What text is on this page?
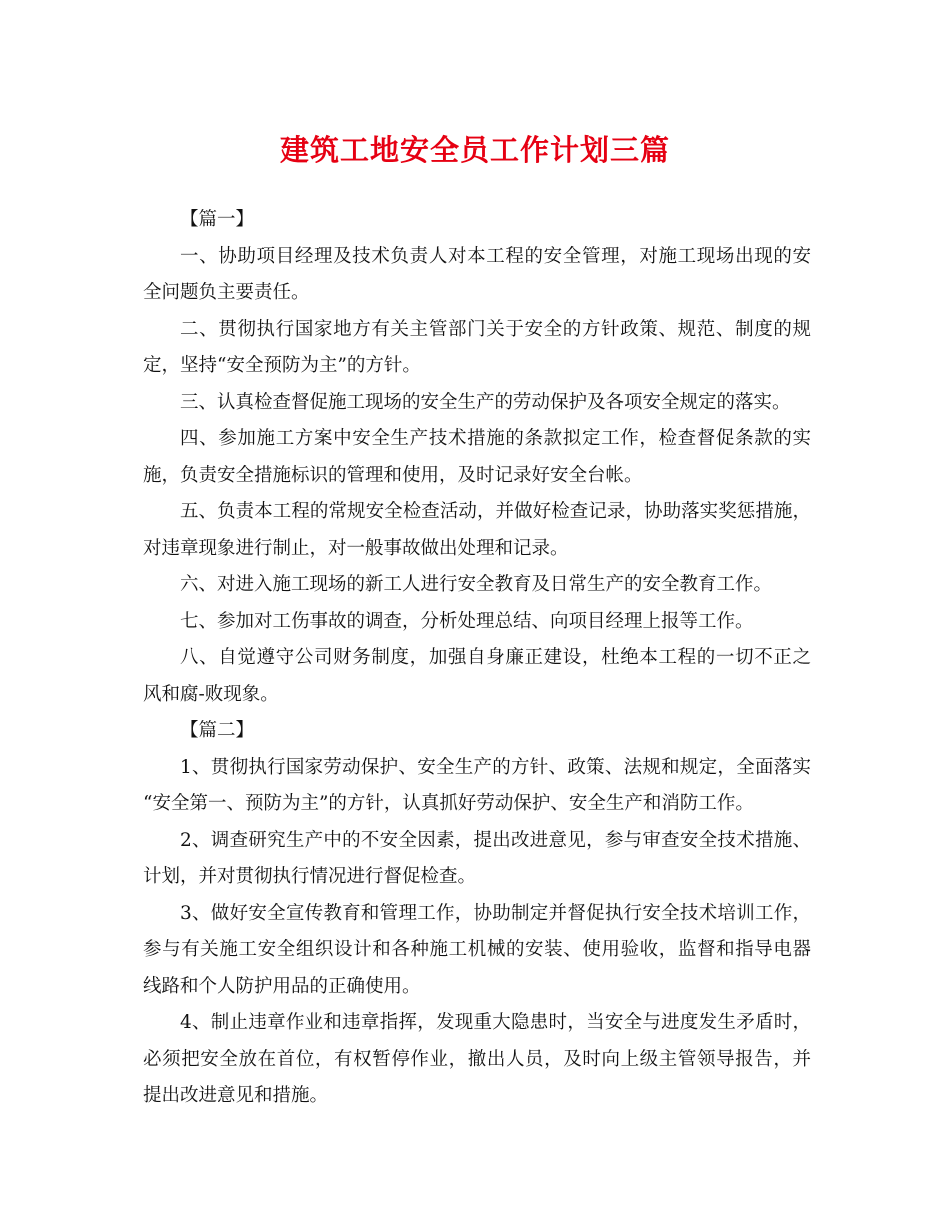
建筑工地安全员工作计划三篇
【篇一】
一、协助项目经理及技术负责人对本工程的安全管理，对施工现场出现的安
全问题负主要责任。
二、贯彻执行国家地方有关主管部门关于安全的方针政策、规范、制度的规
定，坚持“安全预防为主”的方针。
三、认真检查督促施工现场的安全生产的劳动保护及各项安全规定的落实。
四、参加施工方案中安全生产技术措施的条款拟定工作，检查督促条款的实
施，负责安全措施标识的管理和使用，及时记录好安全台帐。
五、负责本工程的常规安全检查活动，并做好检查记录，协助落实奖惩措施，
对违章现象进行制止，对一般事故做出处理和记录。
六、对进入施工现场的新工人进行安全教育及日常生产的安全教育工作。
七、参加对工伤事故的调查，分析处理总结、向项目经理上报等工作。
八、自觉遵守公司财务制度，加强自身廉正建设，杜绝本工程的一切不正之
风和腐-败现象。
【篇二】
1、贯彻执行国家劳动保护、安全生产的方针、政策、法规和规定，全面落实
“安全第一、预防为主”的方针，认真抓好劳动保护、安全生产和消防工作。
2、调查研究生产中的不安全因素，提出改进意见，参与审查安全技术措施、
计划，并对贯彻执行情况进行督促检查。
3、做好安全宣传教育和管理工作，协助制定并督促执行安全技术培训工作，
参与有关施工安全组织设计和各种施工机械的安装、使用验收，监督和指导电器
线路和个人防护用品的正确使用。
4、制止违章作业和违章指挥，发现重大隐患时，当安全与进度发生矛盾时，
必须把安全放在首位，有权暂停作业，撤出人员，及时向上级主管领导报告，并
提出改进意见和措施。
